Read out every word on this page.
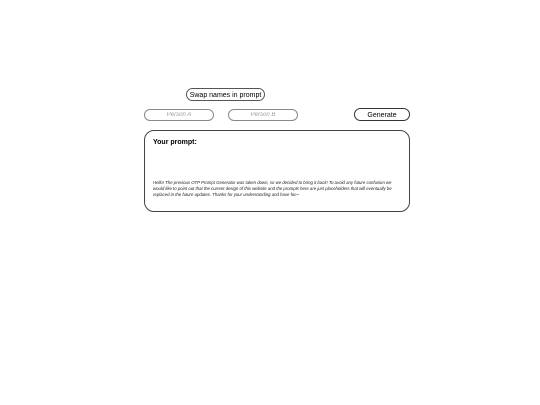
Swap names in prompt
Person A
Person B
Generate

Your prompt:

Hello! The previous OTP Prompt Generator was taken down, so we decided to bring it back! To avoid any future confusion we would like to point out that the current design of this website and the prompts here are just placeholders that will eventually be replaced in the future updates. Thanks for your understanding and have fun~
